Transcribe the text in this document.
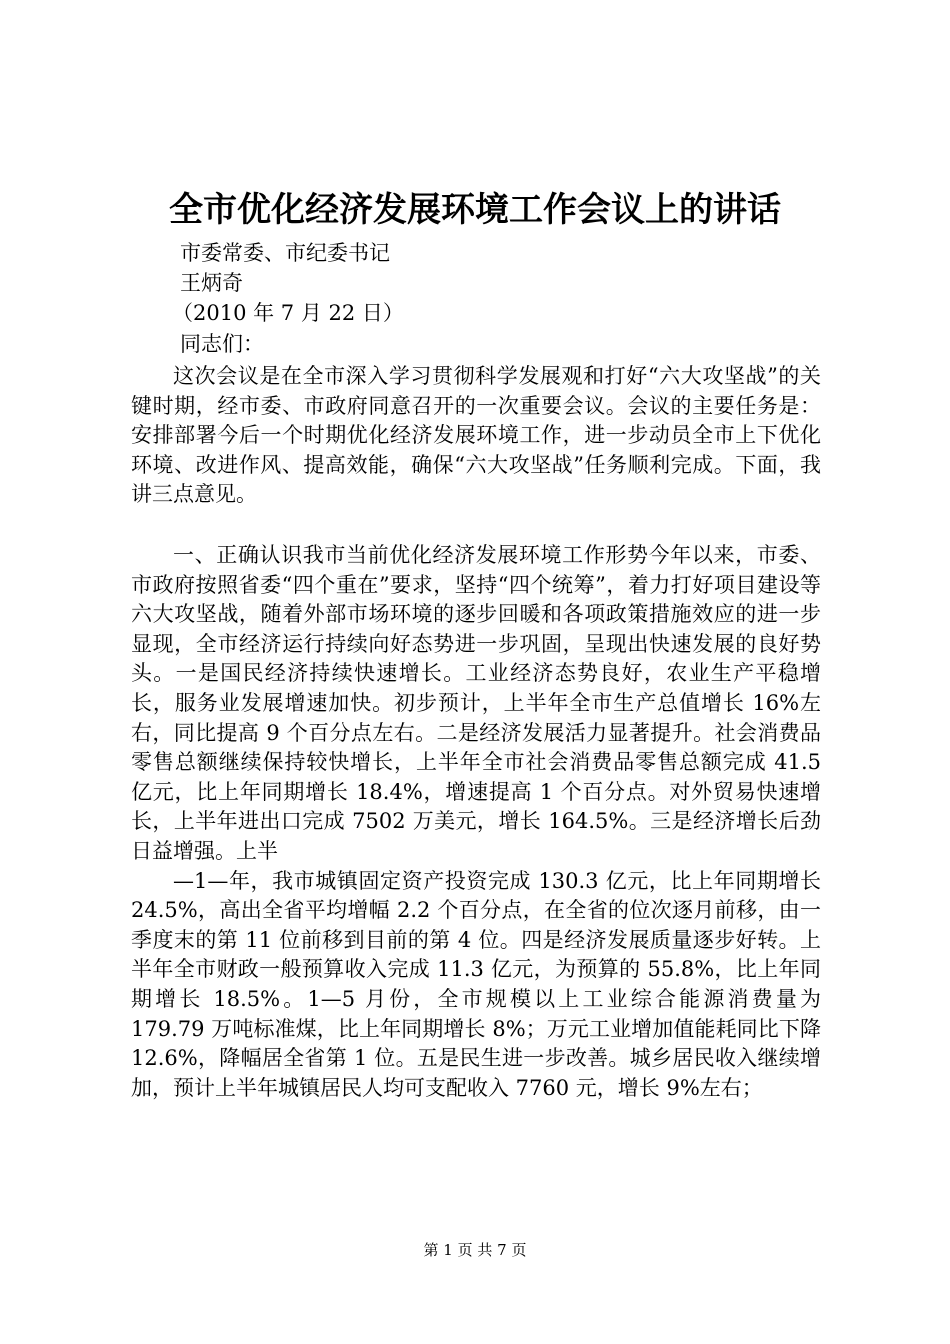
全市优化经济发展环境工作会议上的讲话
市委常委、市纪委书记
王炳奇
（2010 年 7 月 22 日）
同志们：

这次会议是在全市深入学习贯彻科学发展观和打好“六大攻坚战”的关键时期，经市委、市政府同意召开的一次重要会议。会议的主要任务是：安排部署今后一个时期优化经济发展环境工作，进一步动员全市上下优化环境、改进作风、提高效能，确保“六大攻坚战”任务顺利完成。下面，我讲三点意见。

一、正确认识我市当前优化经济发展环境工作形势今年以来，市委、市政府按照省委“四个重在”要求，坚持“四个统筹”，着力打好项目建设等六大攻坚战，随着外部市场环境的逐步回暖和各项政策措施效应的进一步显现，全市经济运行持续向好态势进一步巩固，呈现出快速发展的良好势头。一是国民经济持续快速增长。工业经济态势良好，农业生产平稳增长，服务业发展增速加快。初步预计，上半年全市生产总值增长 16%左右，同比提高 9 个百分点左右。二是经济发展活力显著提升。社会消费品零售总额继续保持较快增长，上半年全市社会消费品零售总额完成 41.5 亿元，比上年同期增长 18.4%，增速提高 1 个百分点。对外贸易快速增长，上半年进出口完成 7502 万美元，增长 164.5%。三是经济增长后劲日益增强。上半

—1—年，我市城镇固定资产投资完成 130.3 亿元，比上年同期增长 24.5%，高出全省平均增幅 2.2 个百分点，在全省的位次逐月前移，由一季度末的第 11 位前移到目前的第 4 位。四是经济发展质量逐步好转。上半年全市财政一般预算收入完成 11.3 亿元，为预算的 55.8%，比上年同期增长 18.5%。1—5 月份，全市规模以上工业综合能源消费量为 179.79 万吨标准煤，比上年同期增长 8%；万元工业增加值能耗同比下降 12.6%，降幅居全省第 1 位。五是民生进一步改善。城乡居民收入继续增加，预计上半年城镇居民人均可支配收入 7760 元，增长 9%左右；

第 1 页 共 7 页
